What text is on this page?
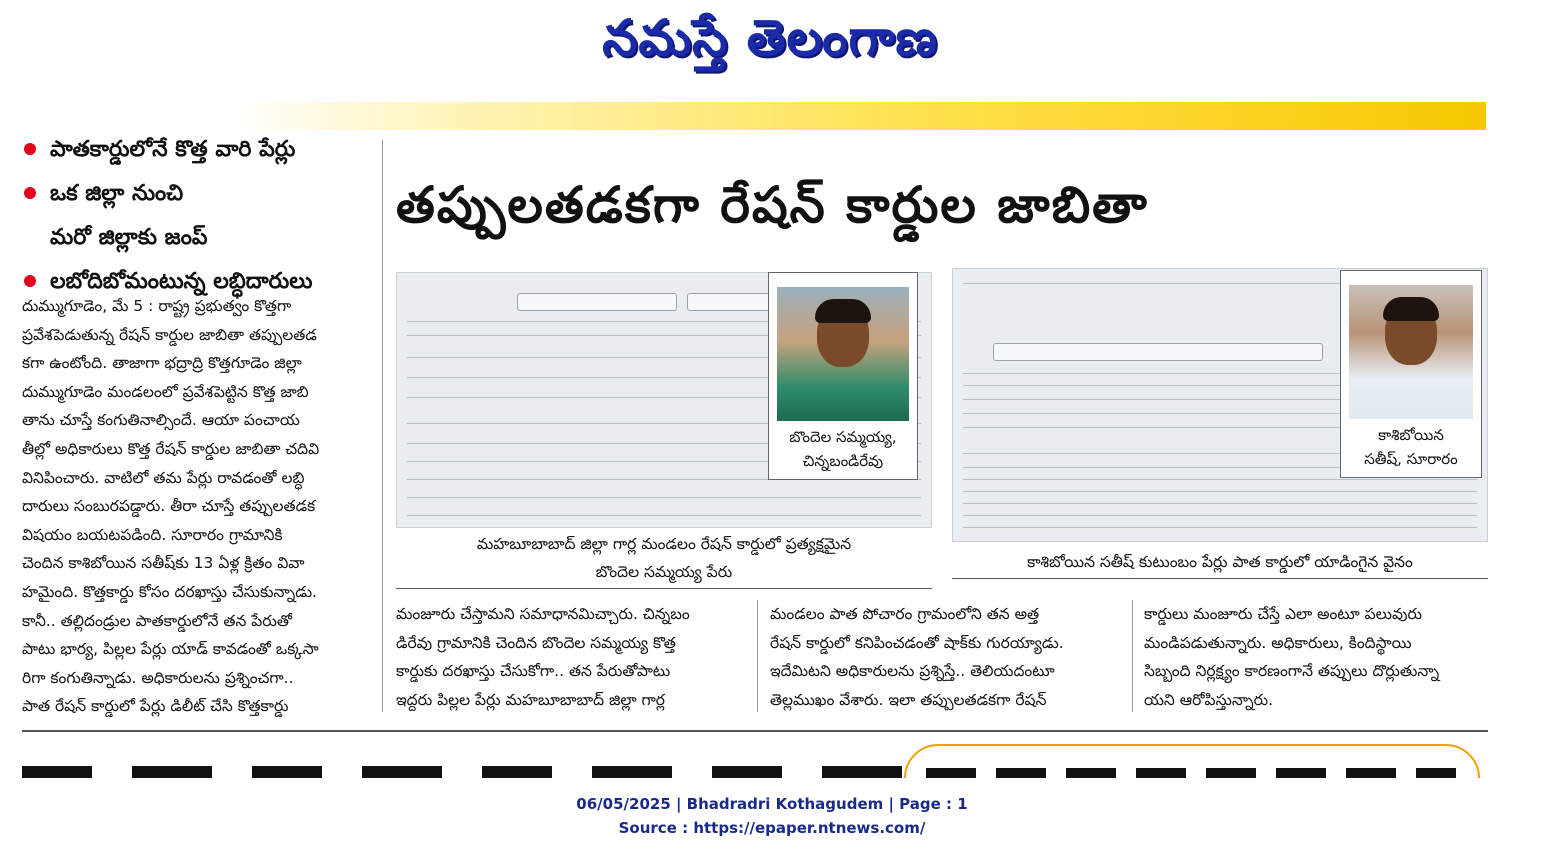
నమస్తే తెలంగాణ
పాతకార్డులోనే కొత్త వారి పేర్లు
ఒక జిల్లా నుంచి
మరో జిల్లాకు జంప్
లబోదిబోమంటున్న లబ్ధిదారులు
తప్పులతడకగా రేషన్ కార్డుల జాబితా

దుమ్ముగూడెం, మే 5 : రాష్ట్ర ప్రభుత్వం కొత్తగా

ప్రవేశపెడుతున్న రేషన్ కార్డుల జాబితా తప్పులతడ

కగా ఉంటోంది. తాజాగా భద్రాద్రి కొత్తగూడెం జిల్లా

దుమ్ముగూడెం మండలంలో ప్రవేశపెట్టిన కొత్త జాబి

తాను చూస్తే కంగుతినాల్సిందే. ఆయా పంచాయ

తీల్లో అధికారులు కొత్త రేషన్ కార్డుల జాబితా చదివి

వినిపించారు. వాటిలో తమ పేర్లు రావడంతో లబ్ధి

దారులు సంబురపడ్డారు. తీరా చూస్తే తప్పులతడక

విషయం బయటపడింది. సూరారం గ్రామానికి

చెందిన కాశిబోయిన సతీష్‌కు 13 ఏళ్ల క్రితం వివా

హమైంది. కొత్తకార్డు కోసం దరఖాస్తు చేసుకున్నాడు.

కానీ.. తల్లిదండ్రుల పాతకార్డులోనే తన పేరుతో

పాటు భార్య, పిల్లల పేర్లు యాడ్ కావడంతో ఒక్కసా

రిగా కంగుతిన్నాడు. అధికారులను ప్రశ్నించగా..

పాత రేషన్ కార్డులో పేర్లు డిలీట్ చేసి కొత్తకార్డు

బొందెల సమ్మయ్య,
చిన్నబండిరేవు
మహబూబాబాద్ జిల్లా గార్ల మండలం రేషన్ కార్డులో ప్రత్యక్షమైన
బొందెల సమ్మయ్య పేరు
కాశిబోయిన
సతీష్, సూరారం
కాశిబోయిన సతీష్ కుటుంబం పేర్లు పాత కార్డులో యాడింగైన వైనం

మంజూరు చేస్తామని సమాధానమిచ్చారు. చిన్నబం

డిరేవు గ్రామానికి చెందిన బొందెల సమ్మయ్య కొత్త

కార్డుకు దరఖాస్తు చేసుకోగా.. తన పేరుతోపాటు

ఇద్దరు పిల్లల పేర్లు మహబూబాబాద్ జిల్లా గార్ల

మండలం పాత పోచారం గ్రామంలోని తన అత్త

రేషన్ కార్డులో కనిపించడంతో షాక్‌కు గురయ్యాడు.

ఇదేమిటని అధికారులను ప్రశ్నిస్తే.. తెలియదంటూ

తెల్లముఖం వేశారు. ఇలా తప్పులతడకగా రేషన్

కార్డులు మంజూరు చేస్తే ఎలా అంటూ పలువురు

మండిపడుతున్నారు. అధికారులు, కిందిస్థాయి

సిబ్బంది నిర్లక్ష్యం కారణంగానే తప్పులు దొర్లుతున్నా

యని ఆరోపిస్తున్నారు.

06/05/2025 | Bhadradri Kothagudem | Page : 1
Source : https://epaper.ntnews.com/
